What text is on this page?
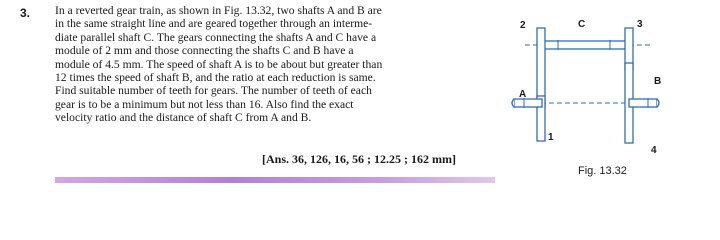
3. In a reverted gear train, as shown in Fig. 13.32, two shafts A and B are
in the same straight line and are geared together through an interme-
diate parallel shaft C. The gears connecting the shafts A and C have a
module of 2 mm and those connecting the shafts C and B have a
module of 4.5 mm. The speed of shaft A is to be about but greater than
12 times the speed of shaft B, and the ratio at each reduction is same.
Find suitable number of teeth for gears. The number of teeth of each
gear is to be a minimum but not less than 16. Also find the exact
velocity ratio and the distance of shaft C from A and B.
[Ans. 36, 126, 16, 56 ; 12.25 ; 162 mm]
2	C	3
A
B
1
4
Fig. 13.32
